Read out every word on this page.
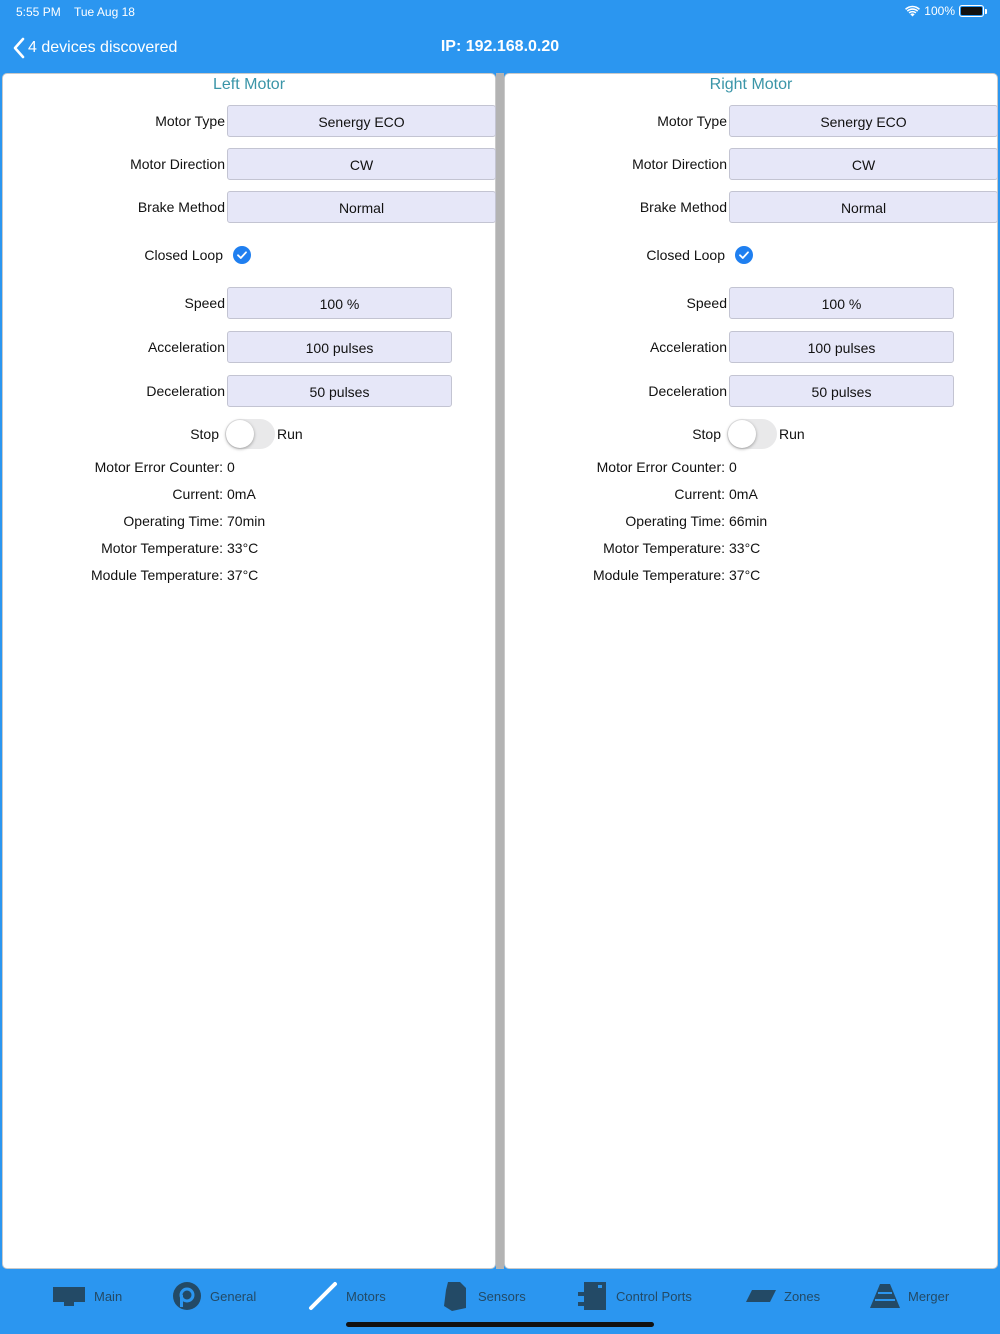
5:55 PM Tue Aug 18	100%
4 devices discovered	IP: 192.168.0.20
Left Motor
Motor Type	Senergy ECO
Motor Direction	CW
Brake Method	Normal
Closed Loop
Speed	100 %
Acceleration	100 pulses
Deceleration	50 pulses
Stop	Run
Motor Error Counter: 0
Current: 0mA
Operating Time: 70min
Motor Temperature: 33°C
Module Temperature: 37°C
Right Motor
Motor Type	Senergy ECO
Motor Direction	CW
Brake Method	Normal
Closed Loop
Speed	100 %
Acceleration	100 pulses
Deceleration	50 pulses
Stop	Run
Motor Error Counter: 0
Current: 0mA
Operating Time: 66min
Motor Temperature: 33°C
Module Temperature: 37°C
Main	General	Motors	Sensors	Control Ports	Zones	Merger
